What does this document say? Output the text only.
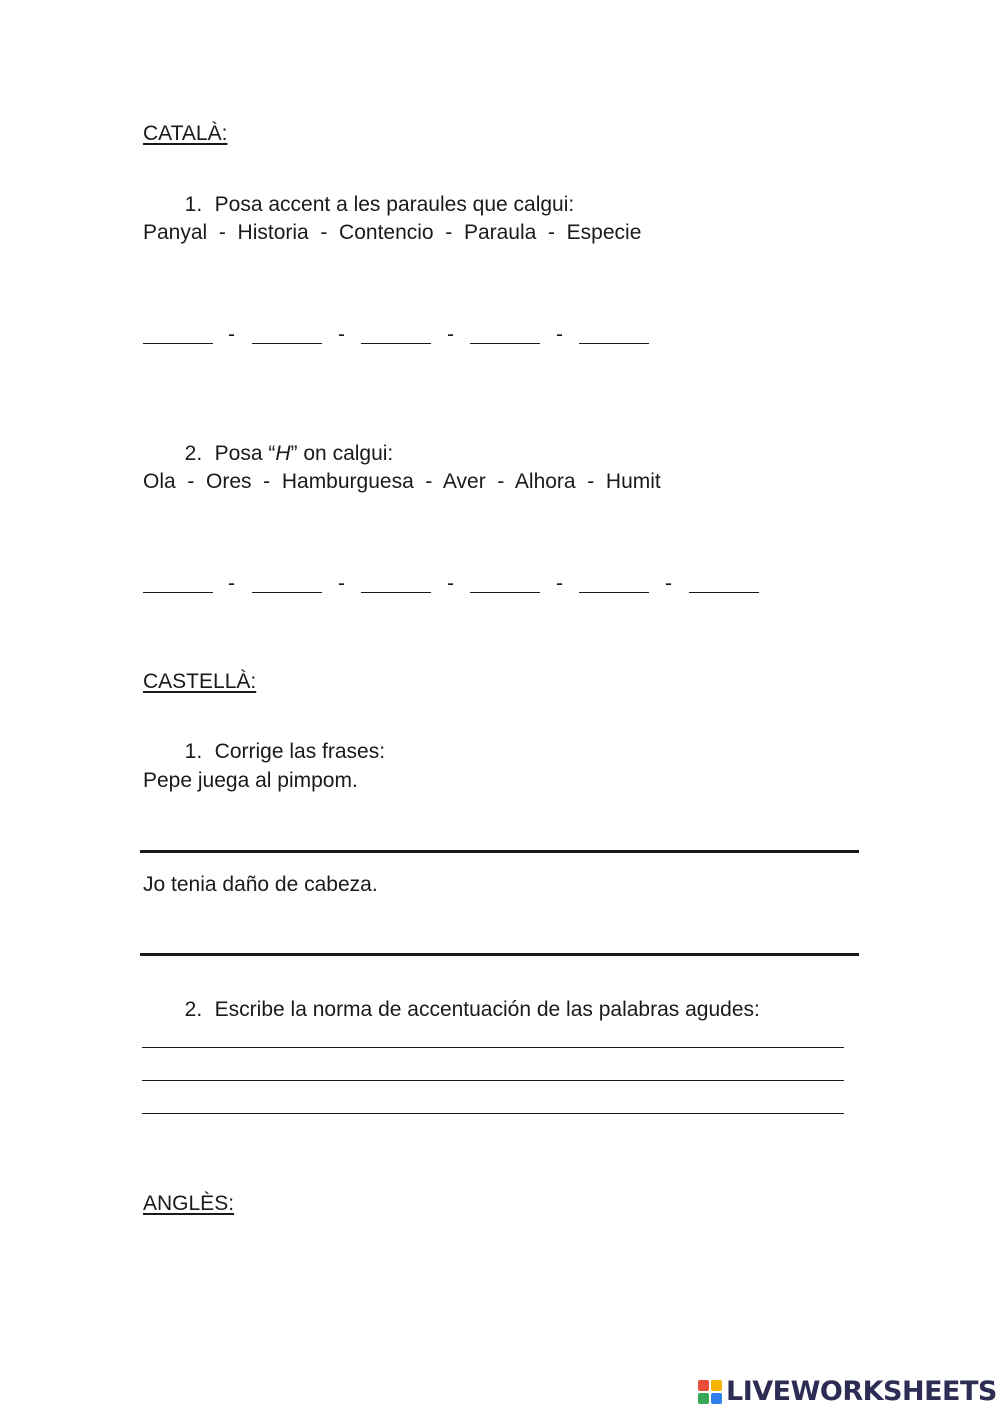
CATALÀ:

1. Posa accent a les paraules que calgui:

Panyal  -  Historia  -  Contencio  -  Paraula  -  Especie
-	-	-	-

2. Posa “H” on calgui:

Ola  -  Ores  -  Hamburguesa  -  Aver  -  Alhora  -  Humit
-	-	-	-	-
CASTELLÀ:

1. Corrige las frases:

Pepe juega al pimpom.
Jo tenia daño de cabeza.

2. Escribe la norma de accentuación de las palabras agudes:

ANGLÈS:
LIVEWORKSHEETS
